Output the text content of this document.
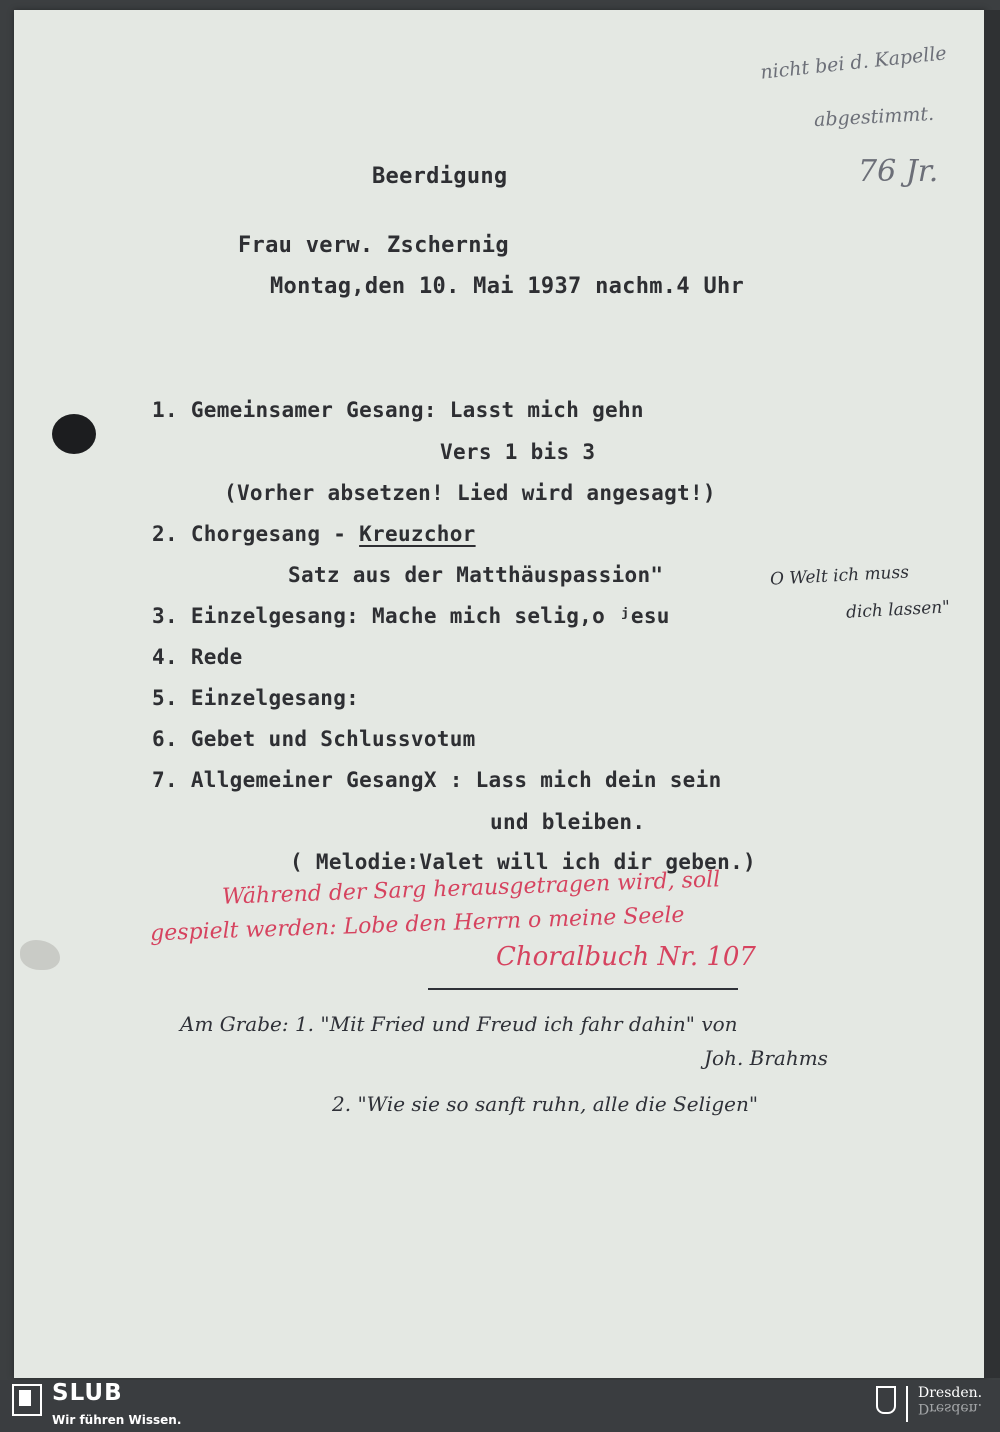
nicht bei d. Kapelle
abgestimmt.
76 Jr.
Beerdigung
Frau verw. Zschernig
Montag,den 10. Mai 1937 nachm.4 Uhr
1. Gemeinsamer Gesang: Lasst mich gehn
Vers 1 bis 3
(Vorher absetzen! Lied wird angesagt!)
2. Chorgesang - Kreuzchor
Satz aus der Matthäuspassion"	O Welt ich muss
dich lassen"
3. Einzelgesang: Mache mich selig,o ʲesu
4. Rede
5. Einzelgesang:
6. Gebet und Schlussvotum
7. Allgemeiner GesangX : Lass mich dein sein
und bleiben.
( Melodie:Valet will ich dir geben.)
Während der Sarg herausgetragen wird, soll
gespielt werden: Lobe den Herrn o meine Seele
Choralbuch Nr. 107
Am Grabe: 1. "Mit Fried und Freud ich fahr dahin" von
Joh. Brahms
2. "Wie sie so sanft ruhn, alle die Seligen"
SLUB
Wir führen Wissen.
Dresden.
Dresden.
